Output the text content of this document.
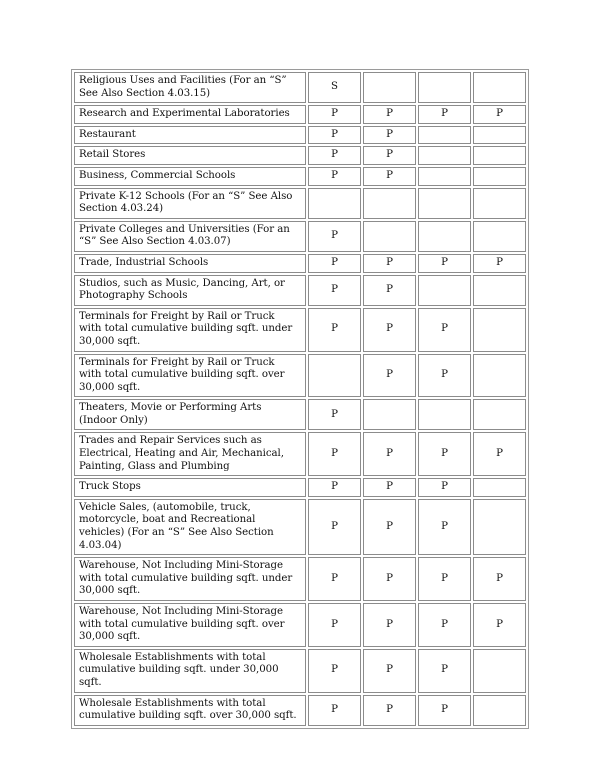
Religious Uses and Facilities (For an “S” See Also Section 4.03.15)	S			
Research and Experimental Laboratories	P	P	P	P
Restaurant	P	P		
Retail Stores	P	P		
Business, Commercial Schools	P	P		
Private K-12 Schools (For an “S” See Also Section 4.03.24)				
Private Colleges and Universities (For an “S” See Also Section 4.03.07)	P			
Trade, Industrial Schools	P	P	P	P
Studios, such as Music, Dancing, Art, or Photography Schools	P	P		
Terminals for Freight by Rail or Truck with total cumulative building sqft. under 30,000 sqft.	P	P	P	
Terminals for Freight by Rail or Truck with total cumulative building sqft. over 30,000 sqft.		P	P	
Theaters, Movie or Performing Arts (Indoor Only)	P			
Trades and Repair Services such as Electrical, Heating and Air, Mechanical, Painting, Glass and Plumbing	P	P	P	P
Truck Stops	P	P	P	
Vehicle Sales, (automobile, truck, motorcycle, boat and Recreational vehicles) (For an “S” See Also Section 4.03.04)	P	P	P	
Warehouse, Not Including Mini-Storage with total cumulative building sqft. under 30,000 sqft.	P	P	P	P
Warehouse, Not Including Mini-Storage with total cumulative building sqft. over 30,000 sqft.	P	P	P	P
Wholesale Establishments with total cumulative building sqft. under 30,000 sqft.	P	P	P	
Wholesale Establishments with total cumulative building sqft. over 30,000 sqft.	P	P	P	
